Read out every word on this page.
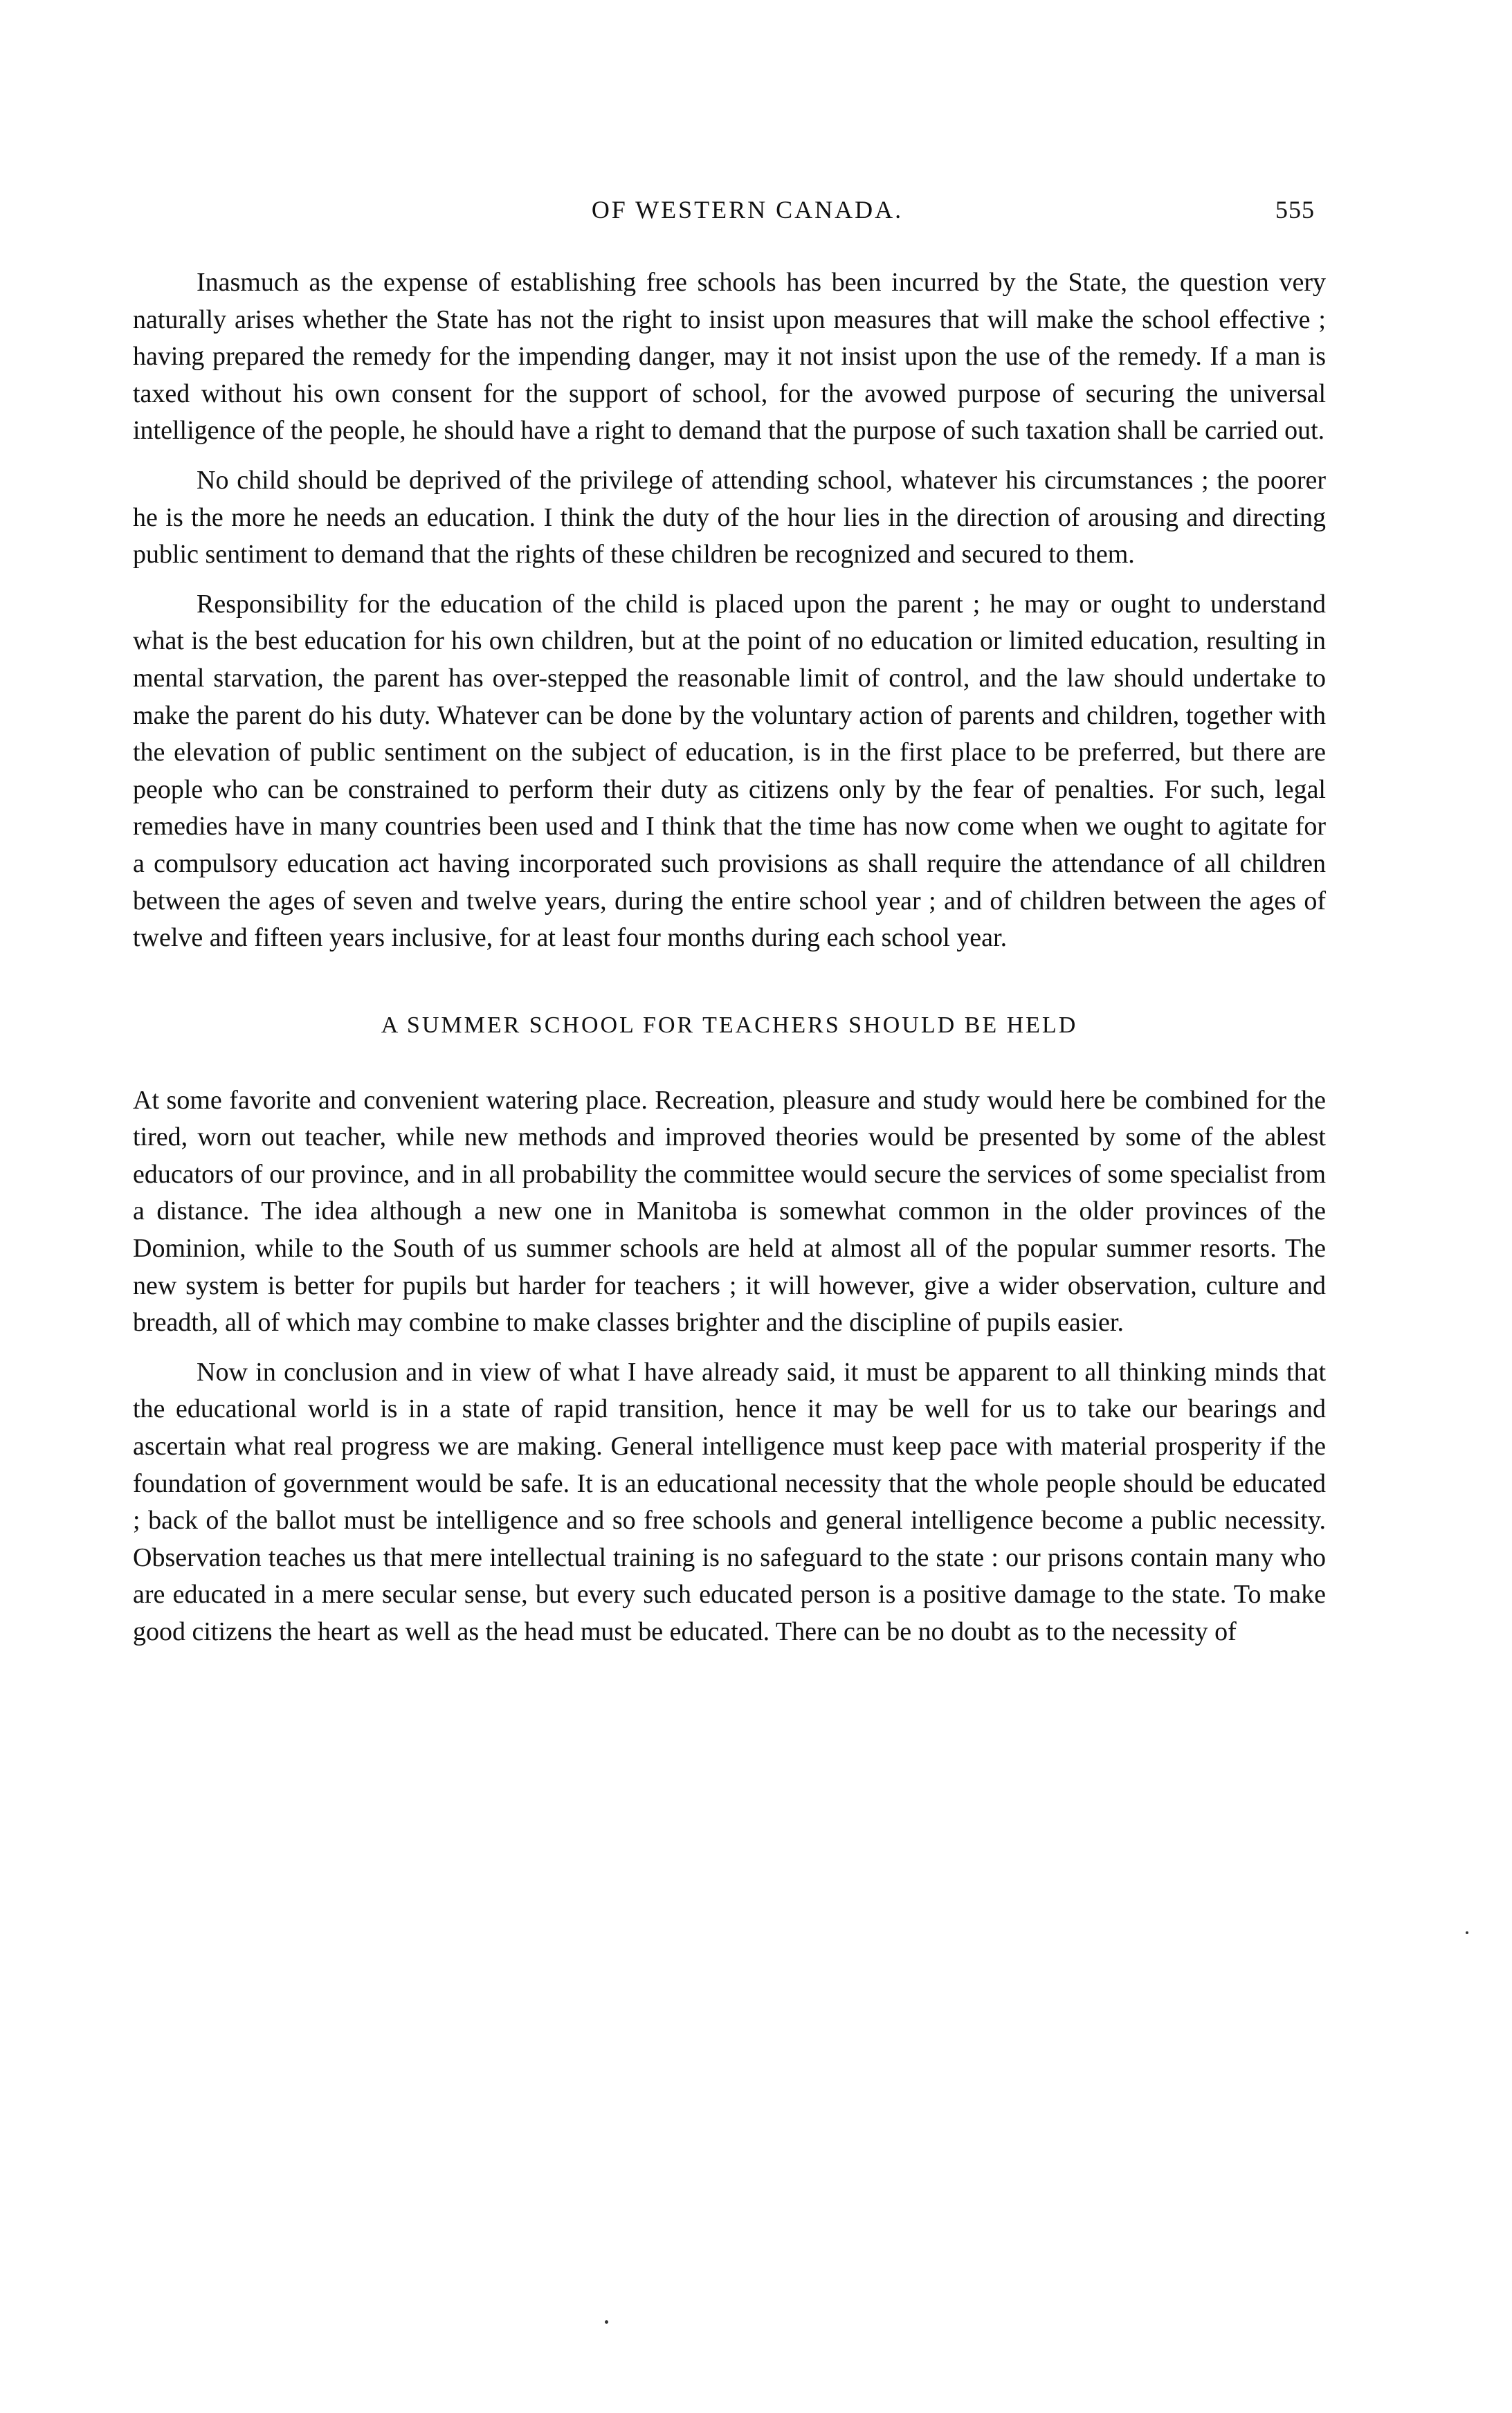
OF WESTERN CANADA.	555

Inasmuch as the expense of establishing free schools has been incurred by the State, the question very naturally arises whether the State has not the right to insist upon measures that will make the school effective ; having prepared the remedy for the impending danger, may it not insist upon the use of the remedy. If a man is taxed without his own consent for the support of school, for the avowed purpose of securing the universal intelligence of the people, he should have a right to demand that the purpose of such taxation shall be carried out.

No child should be deprived of the privilege of attending school, whatever his circumstances ; the poorer he is the more he needs an education. I think the duty of the hour lies in the direction of arousing and directing public sentiment to demand that the rights of these children be recognized and secured to them.

Responsibility for the education of the child is placed upon the parent ; he may or ought to understand what is the best education for his own children, but at the point of no education or limited education, resulting in mental starvation, the parent has over-stepped the reasonable limit of control, and the law should undertake to make the parent do his duty. Whatever can be done by the voluntary action of parents and children, together with the elevation of public sentiment on the subject of education, is in the first place to be preferred, but there are people who can be constrained to perform their duty as citizens only by the fear of penalties. For such, legal remedies have in many countries been used and I think that the time has now come when we ought to agitate for a compulsory education act having incorporated such provisions as shall require the attendance of all children between the ages of seven and twelve years, during the entire school year ; and of children between the ages of twelve and fifteen years inclusive, for at least four months during each school year.

A SUMMER SCHOOL FOR TEACHERS SHOULD BE HELD

At some favorite and convenient watering place. Recreation, pleasure and study would here be combined for the tired, worn out teacher, while new methods and improved theories would be presented by some of the ablest educators of our province, and in all probability the committee would secure the services of some specialist from a distance. The idea although a new one in Manitoba is somewhat common in the older provinces of the Dominion, while to the South of us summer schools are held at almost all of the popular summer resorts. The new system is better for pupils but harder for teachers ; it will however, give a wider observation, culture and breadth, all of which may combine to make classes brighter and the discipline of pupils easier.

Now in conclusion and in view of what I have already said, it must be apparent to all thinking minds that the educational world is in a state of rapid transition, hence it may be well for us to take our bearings and ascertain what real progress we are making. General intelligence must keep pace with material prosperity if the foundation of government would be safe. It is an educational necessity that the whole people should be educated ; back of the ballot must be intelligence and so free schools and general intelligence become a public necessity. Observation teaches us that mere intellectual training is no safeguard to the state : our prisons contain many who are educated in a mere secular sense, but every such educated person is a positive damage to the state. To make good citizens the heart as well as the head must be educated. There can be no doubt as to the necessity of
